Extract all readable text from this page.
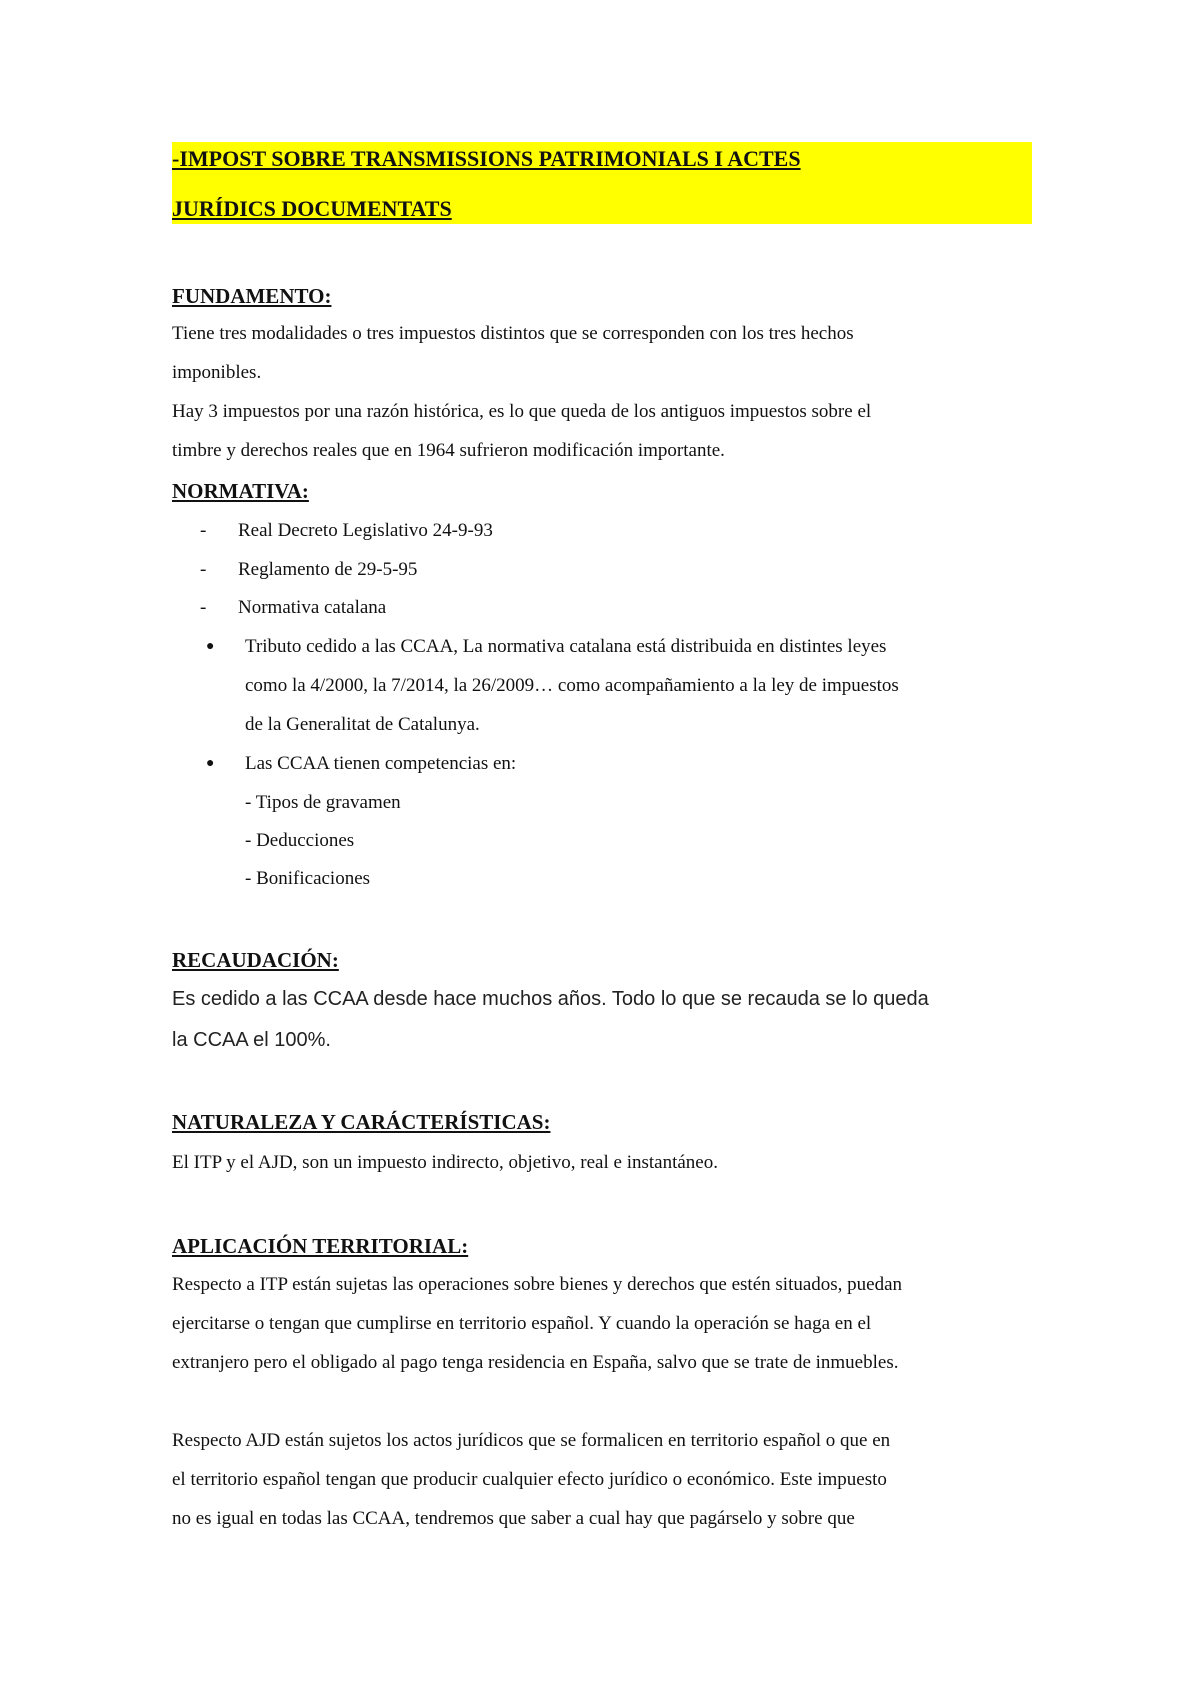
-IMPOST SOBRE TRANSMISSIONS PATRIMONIALS I ACTES
JURÍDICS DOCUMENTATS
FUNDAMENTO:
Tiene tres modalidades o tres impuestos distintos que se corresponden con los tres hechos
imponibles.
Hay 3 impuestos por una razón histórica, es lo que queda de los antiguos impuestos sobre el
timbre y derechos reales que en 1964 sufrieron modificación importante.
NORMATIVA:
- Real Decreto Legislativo 24-9-93
- Reglamento de 29-5-95
- Normativa catalana
● Tributo cedido a las CCAA, La normativa catalana está distribuida en distintes leyes
como la 4/2000, la 7/2014, la 26/2009… como acompañamiento a la ley de impuestos
de la Generalitat de Catalunya.
● Las CCAA tienen competencias en:
- Tipos de gravamen
- Deducciones
- Bonificaciones
RECAUDACIÓN:
Es cedido a las CCAA desde hace muchos años. Todo lo que se recauda se lo queda
la CCAA el 100%.
NATURALEZA Y CARÁCTERÍSTICAS:
El ITP y el AJD, son un impuesto indirecto, objetivo, real e instantáneo.
APLICACIÓN TERRITORIAL:
Respecto a ITP están sujetas las operaciones sobre bienes y derechos que estén situados, puedan
ejercitarse o tengan que cumplirse en territorio español. Y cuando la operación se haga en el
extranjero pero el obligado al pago tenga residencia en España, salvo que se trate de inmuebles.
Respecto AJD están sujetos los actos jurídicos que se formalicen en territorio español o que en
el territorio español tengan que producir cualquier efecto jurídico o económico. Este impuesto
no es igual en todas las CCAA, tendremos que saber a cual hay que pagárselo y sobre que
